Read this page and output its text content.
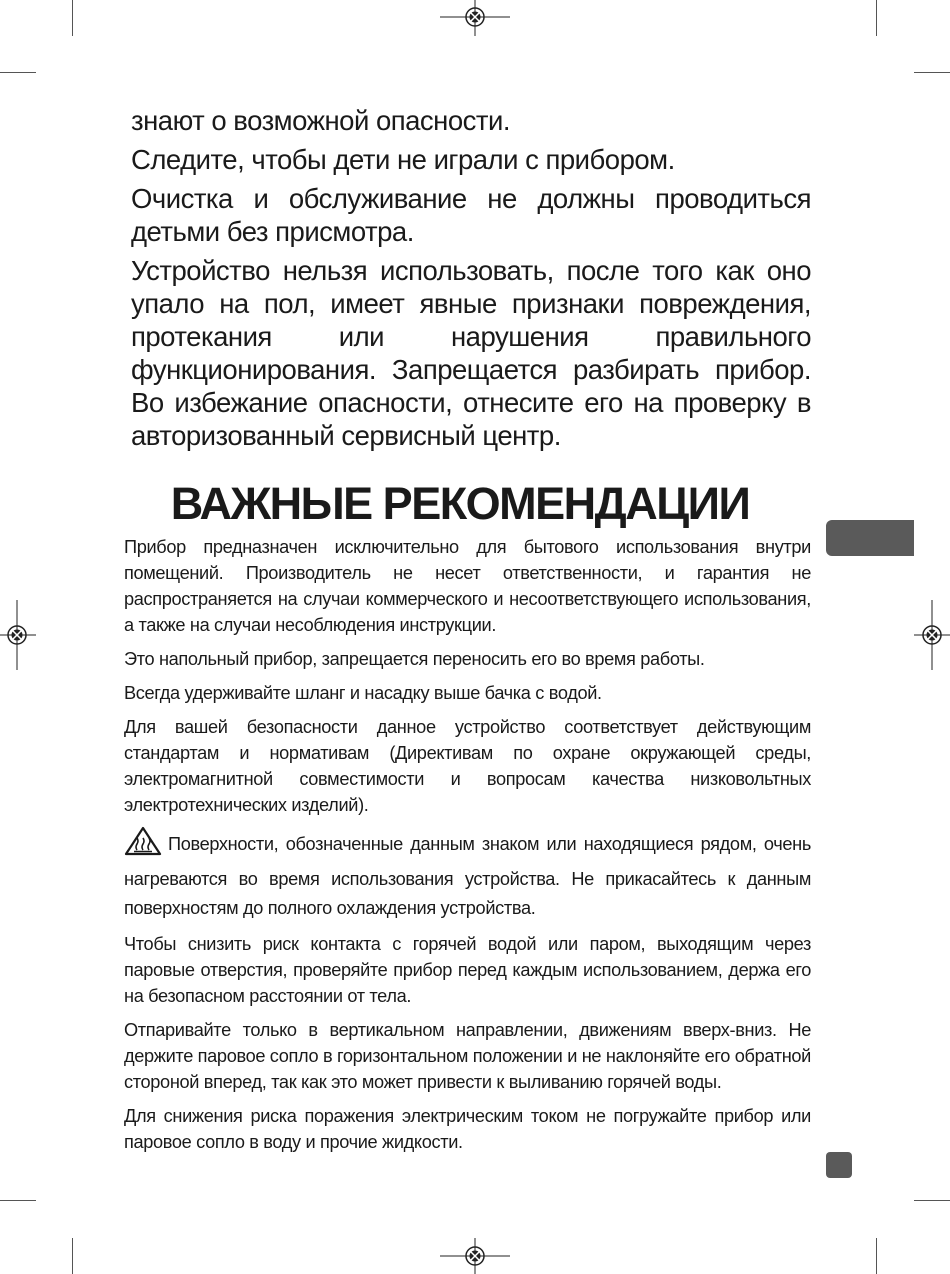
знают о возможной опасности.

Следите, чтобы дети не играли с прибором.

Очистка и обслуживание не должны проводиться детьми без присмотра.

Устройство нельзя использовать, после того как оно упало на пол, имеет явные признаки повреждения, протекания или нарушения правильного функционирования. Запрещается разбирать прибор. Во избежание опасности, отнесите его на проверку в авторизованный сервисный центр.

ВАЖНЫЕ РЕКОМЕНДАЦИИ

Прибор предназначен исключительно для бытового использования внутри помещений. Производитель не несет ответственности, и гарантия не распространяется на случаи коммерческого и несоответствующего использования, а также на случаи несоблюдения инструкции.

Это напольный прибор, запрещается переносить его во время работы.

Всегда удерживайте шланг и насадку выше бачка с водой.

Для вашей безопасности данное устройство соответствует действующим стандартам и нормативам (Директивам по охране окружающей среды, электромагнитной совместимости и вопросам качества низковольтных электротехнических изделий).

Поверхности, обозначенные данным знаком или находящиеся рядом, очень нагреваются во время использования устройства. Не прикасайтесь к данным поверхностям до полного охлаждения устройства.

Чтобы снизить риск контакта с горячей водой или паром, выходящим через паровые отверстия, проверяйте прибор перед каждым использованием, держа его на безопасном расстоянии от тела.

Отпаривайте только в вертикальном направлении, движениям вверх-вниз. Не держите паровое сопло в горизонтальном положении и не наклоняйте его обратной стороной вперед, так как это может привести к выливанию горячей воды.

Для снижения риска поражения электрическим током не погружайте прибор или паровое сопло в воду и прочие жидкости.
